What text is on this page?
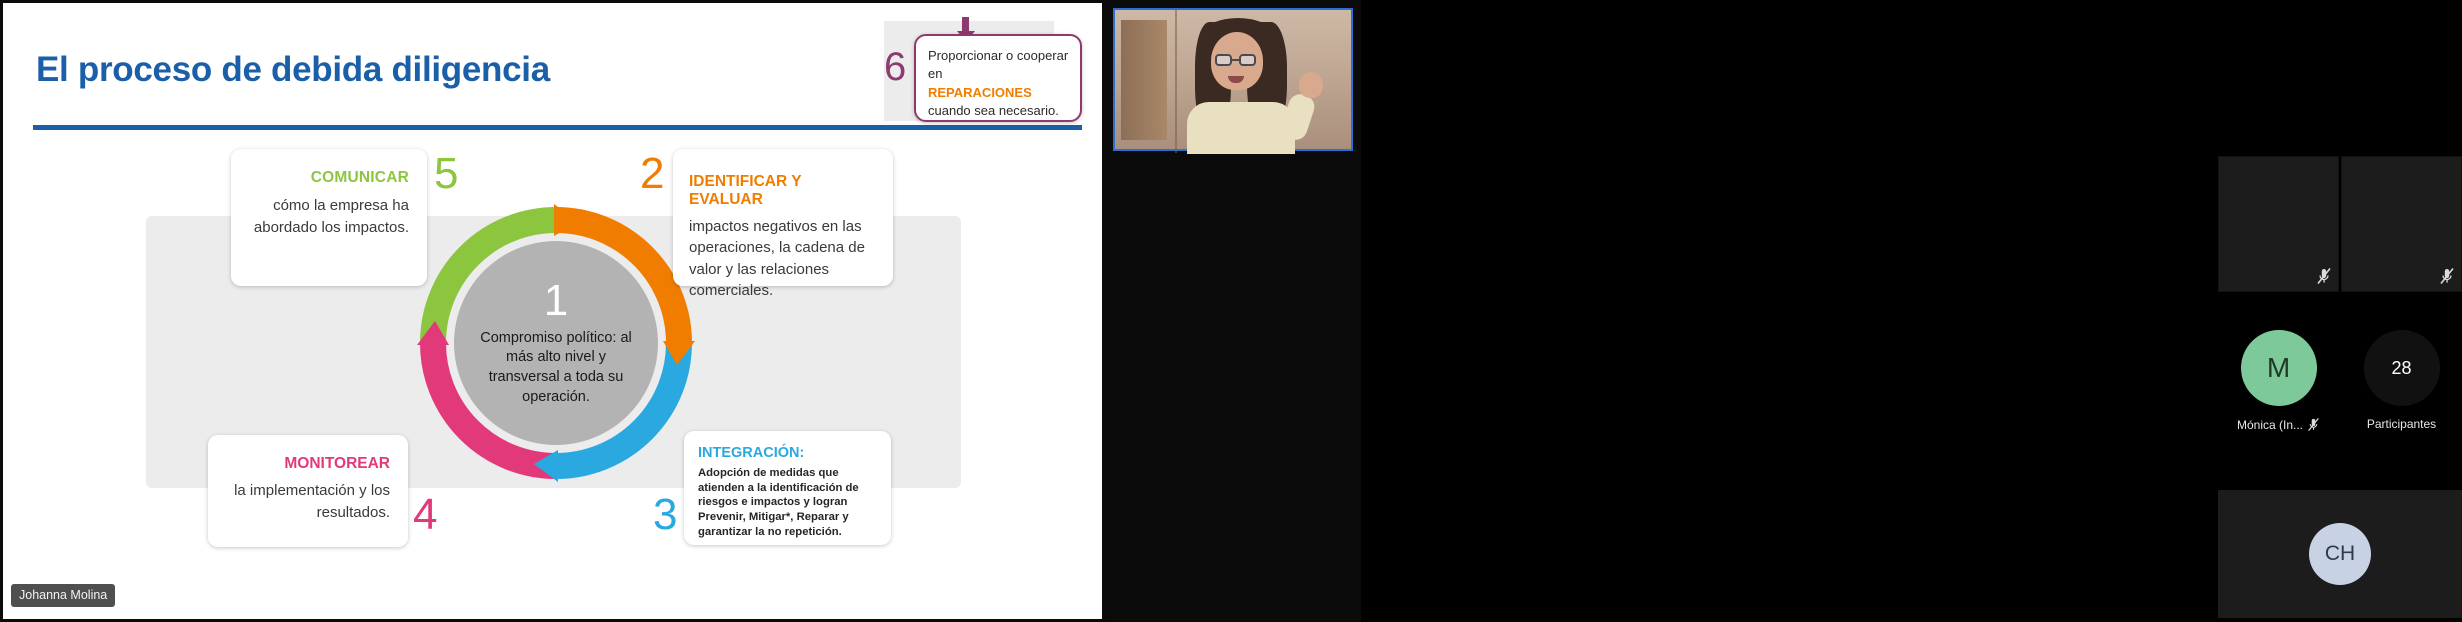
El proceso de debida diligencia
1
Compromiso político: al más alto nivel y transversal a toda su operación.
COMUNICAR
cómo la empresa ha abordado los impactos.
5	IDENTIFICAR Y EVALUAR
impactos negativos en las operaciones, la cadena de valor y las relaciones comerciales.
2
INTEGRACIÓN:
Adopción de medidas que atienden a la identificación de riesgos e impactos y logran Prevenir, Mitigar*, Reparar y garantizar la no repetición.
3
MONITOREAR
la implementación y los resultados. 4
6 Proporcionar o cooperar en
REPARACIONES cuando sea necesario.
Johanna Molina
M
Mónica (In...
28
Participantes
CH
